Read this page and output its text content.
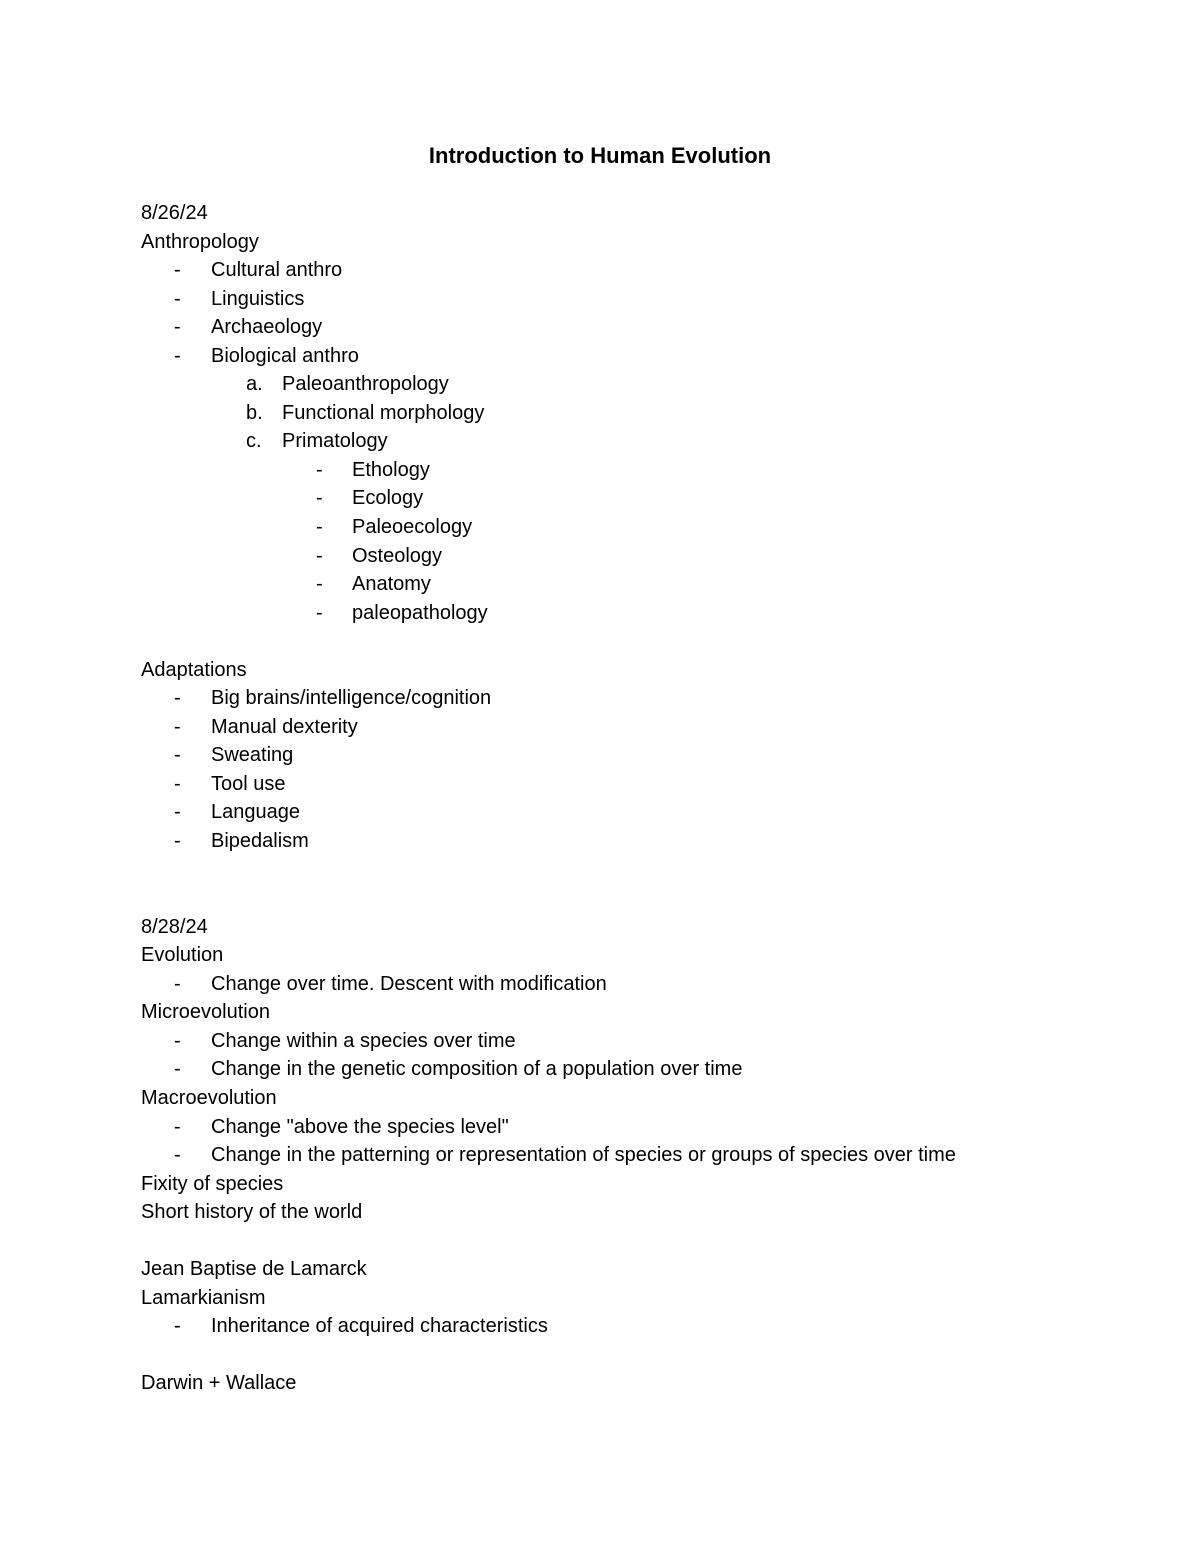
Introduction to Human Evolution
8/26/24
Anthropology
- Cultural anthro
- Linguistics
- Archaeology
- Biological anthro
a. Paleoanthropology
b. Functional morphology
c. Primatology
- Ethology
- Ecology
- Paleoecology
- Osteology
- Anatomy
- paleopathology
Adaptations
- Big brains/intelligence/cognition
- Manual dexterity
- Sweating
- Tool use
- Language
- Bipedalism
8/28/24
Evolution
- Change over time. Descent with modification
Microevolution
- Change within a species over time
- Change in the genetic composition of a population over time
Macroevolution
- Change "above the species level"
- Change in the patterning or representation of species or groups of species over time
Fixity of species
Short history of the world
Jean Baptise de Lamarck
Lamarkianism
- Inheritance of acquired characteristics
Darwin + Wallace
